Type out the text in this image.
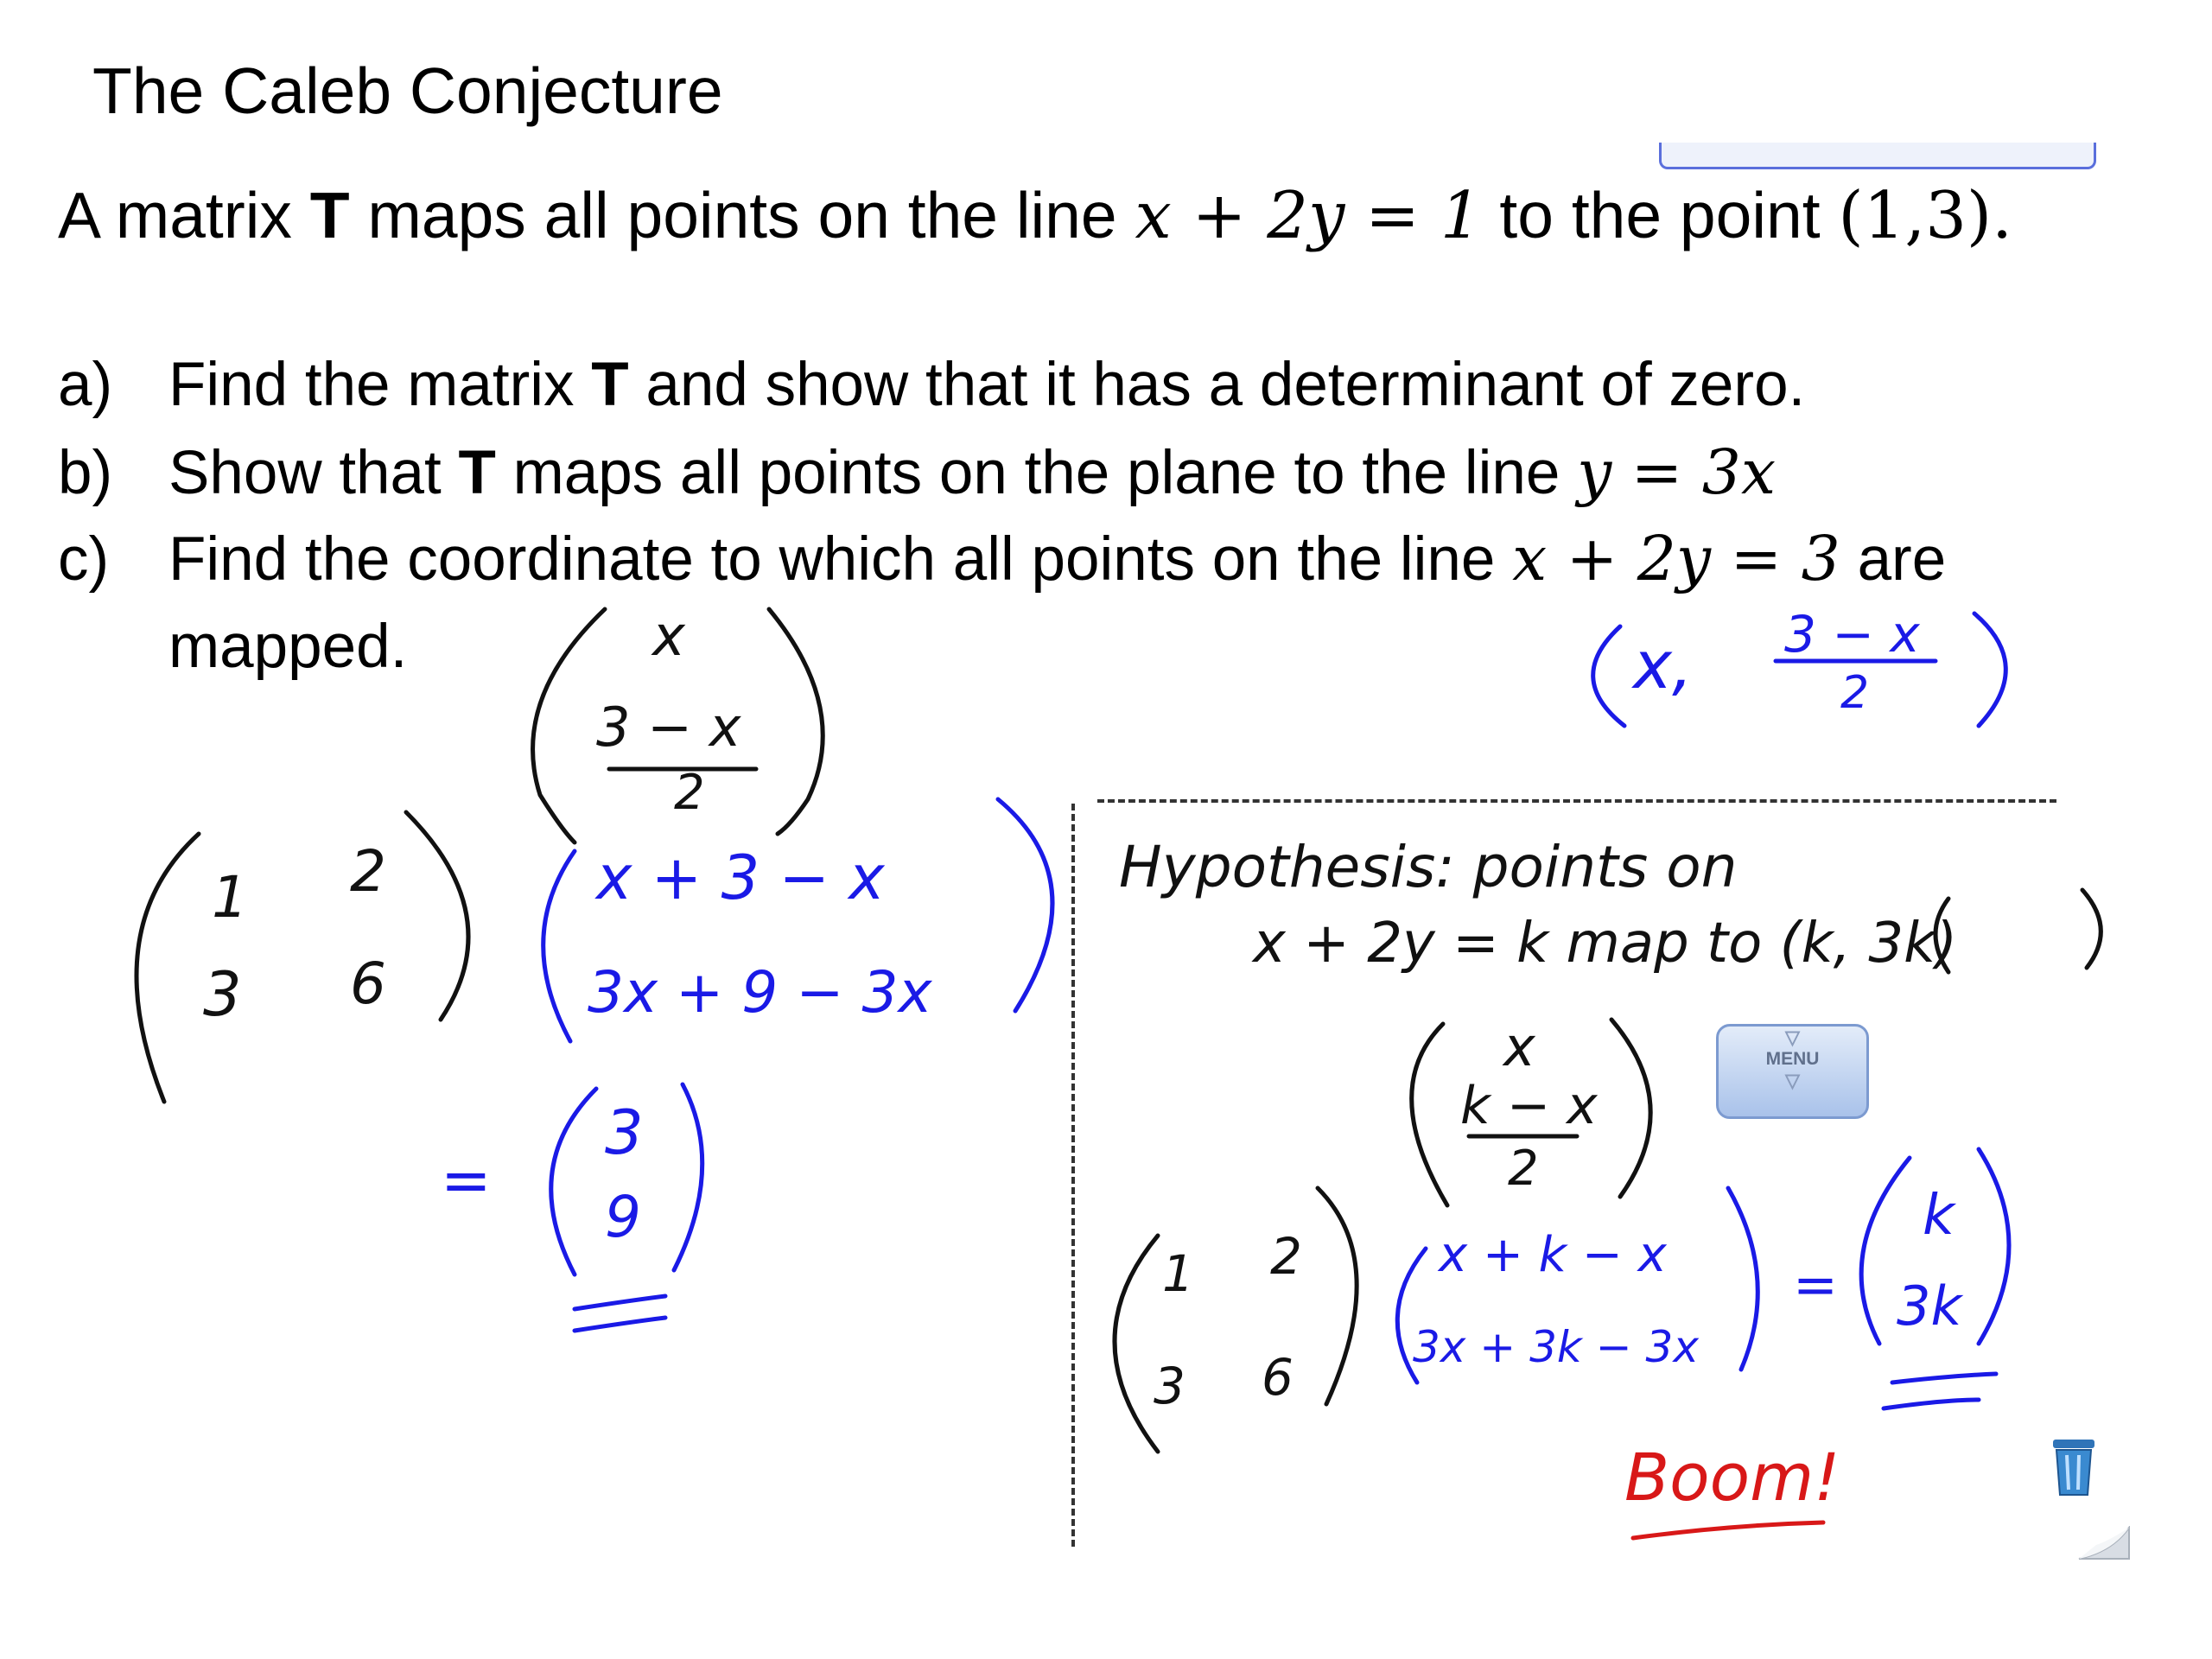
The Caleb Conjecture
A matrix T maps all points on the line x + 2y = 1 to the point (1,3).
a) Find the matrix T and show that it has a determinant of zero.
b) Show that T maps all points on the plane to the line y = 3x
c) Find the coordinate to which all points on the line x + 2y = 3 are
mapped.	x
3 − x
2
x, 3 − x
2
1 2
3 6
x + 3 − x
3x + 9 − 3x
=
3
9
Hypothesis: points on
x + 2y = k map to (k, 3k)
x
k − x
2
1 2
3 6
x + k − x
3x + 3k − 3x
=
k
3k
Boom!
▽
MENU
▽
